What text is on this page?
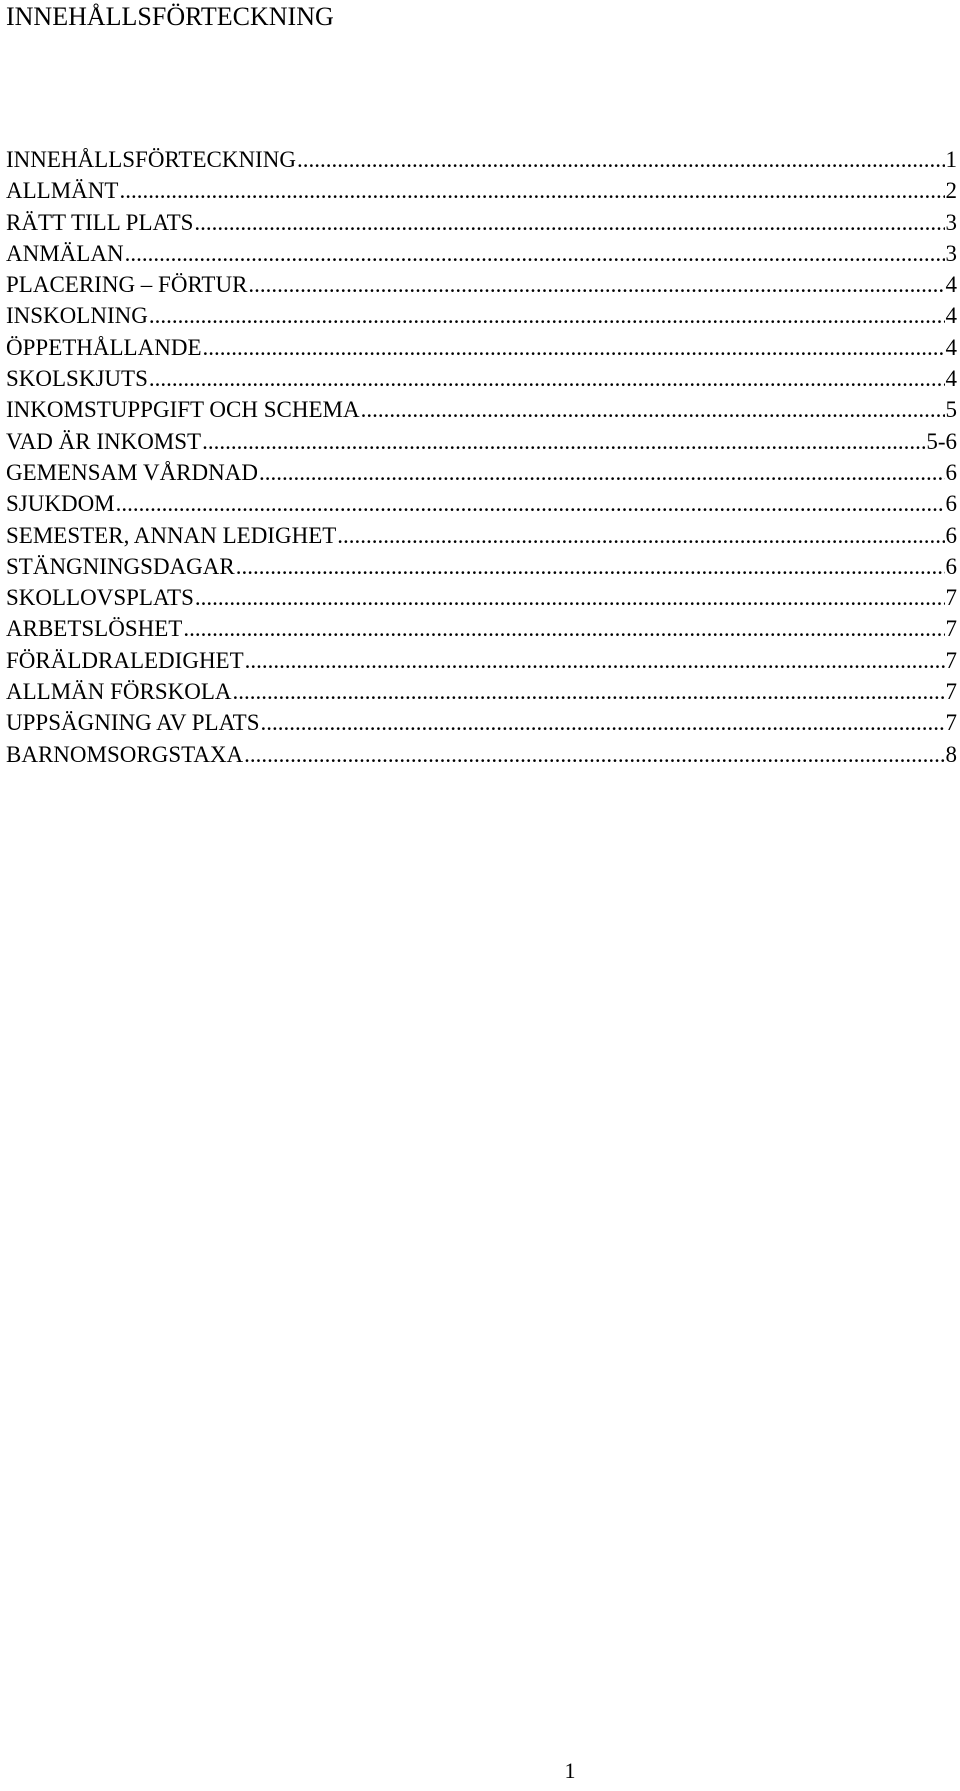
INNEHÅLLSFÖRTECKNING
INNEHÅLLSFÖRTECKNING .....	1
ALLMÄNT .....	2
RÄTT TILL PLATS .....	3
ANMÄLAN .....	3
PLACERING – FÖRTUR .....	4
INSKOLNING .....	4
ÖPPETHÅLLANDE .....	4
SKOLSKJUTS .....	4
INKOMSTUPPGIFT OCH SCHEMA .....	5
VAD ÄR INKOMST .....	5-6
GEMENSAM VÅRDNAD .....	6
SJUKDOM .....	6
SEMESTER, ANNAN LEDIGHET .....	6
STÄNGNINGSDAGAR .....	6
SKOLLOVSPLATS .....	7
ARBETSLÖSHET .....	7
FÖRÄLDRALEDIGHET .....	7
ALLMÄN FÖRSKOLA .....	7
UPPSÄGNING AV PLATS .....	7
BARNOMSORGSTAXA .....	8
1
